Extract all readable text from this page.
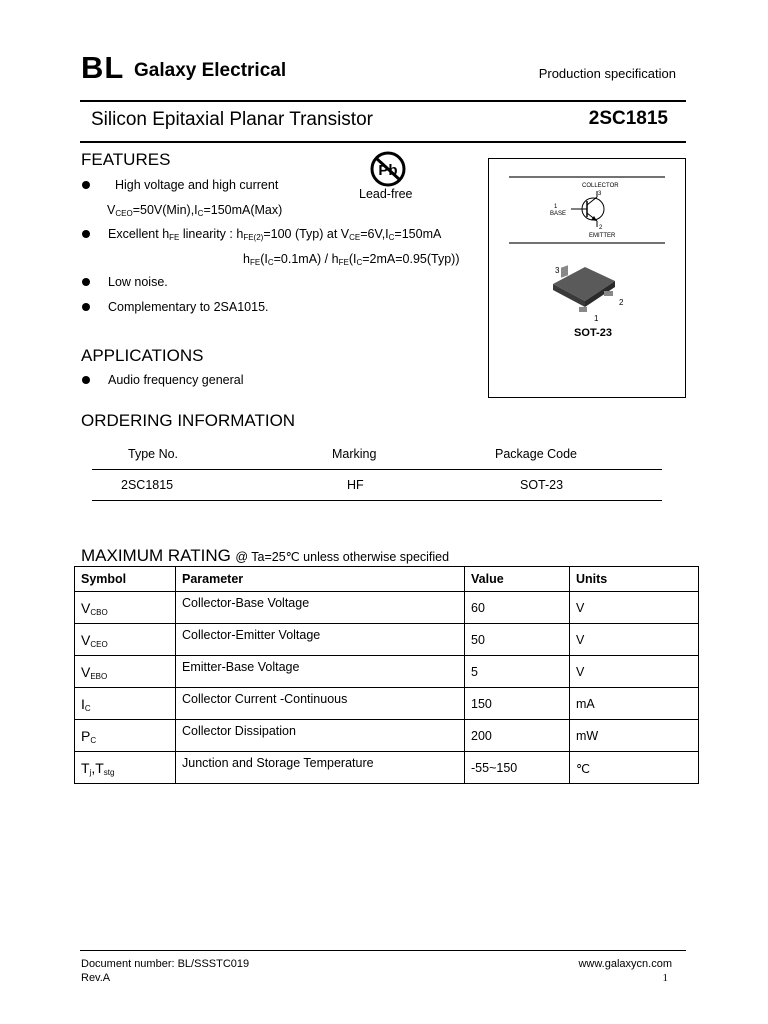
BL Galaxy Electrical	Production specification
Silicon Epitaxial Planar Transistor	2SC1815
FEATURES
High voltage and high current
$V_{CEO}=50V(Min),I_C=150mA(Max)$
Excellent $h_{FE}$ linearity : $h_{FE(2)}=100$ (Typ) at $V_{CE}=6V,I_C=150mA$
$h_{FE}(I_C=0.1mA) / h_{FE}(I_C=2mA=0.95(Typ))$
Low noise.
Complementary to 2SA1015.
Pb
Lead-free
COLLECTOR
BASE
EMITTER
3
1
2
3
2
1
SOT-23
APPLICATIONS
Audio frequency general
ORDERING INFORMATION
Type No.	Marking	Package Code
2SC1815	HF	SOT-23
MAXIMUM RATING @ Ta=25℃ unless otherwise specified
Symbol	Parameter	Value	Units
$V_{CBO}$	Collector-Base Voltage	60	V
$V_{CEO}$	Collector-Emitter Voltage	50	V
$V_{EBO}$	Emitter-Base Voltage	5	V
$I_C$	Collector Current -Continuous	150	mA
$P_C$	Collector Dissipation	200	mW
$T_j,T_{stg}$	Junction and Storage Temperature	-55~150	℃
Document number: BL/SSSTC019
Rev.A
www.galaxycn.com
1
